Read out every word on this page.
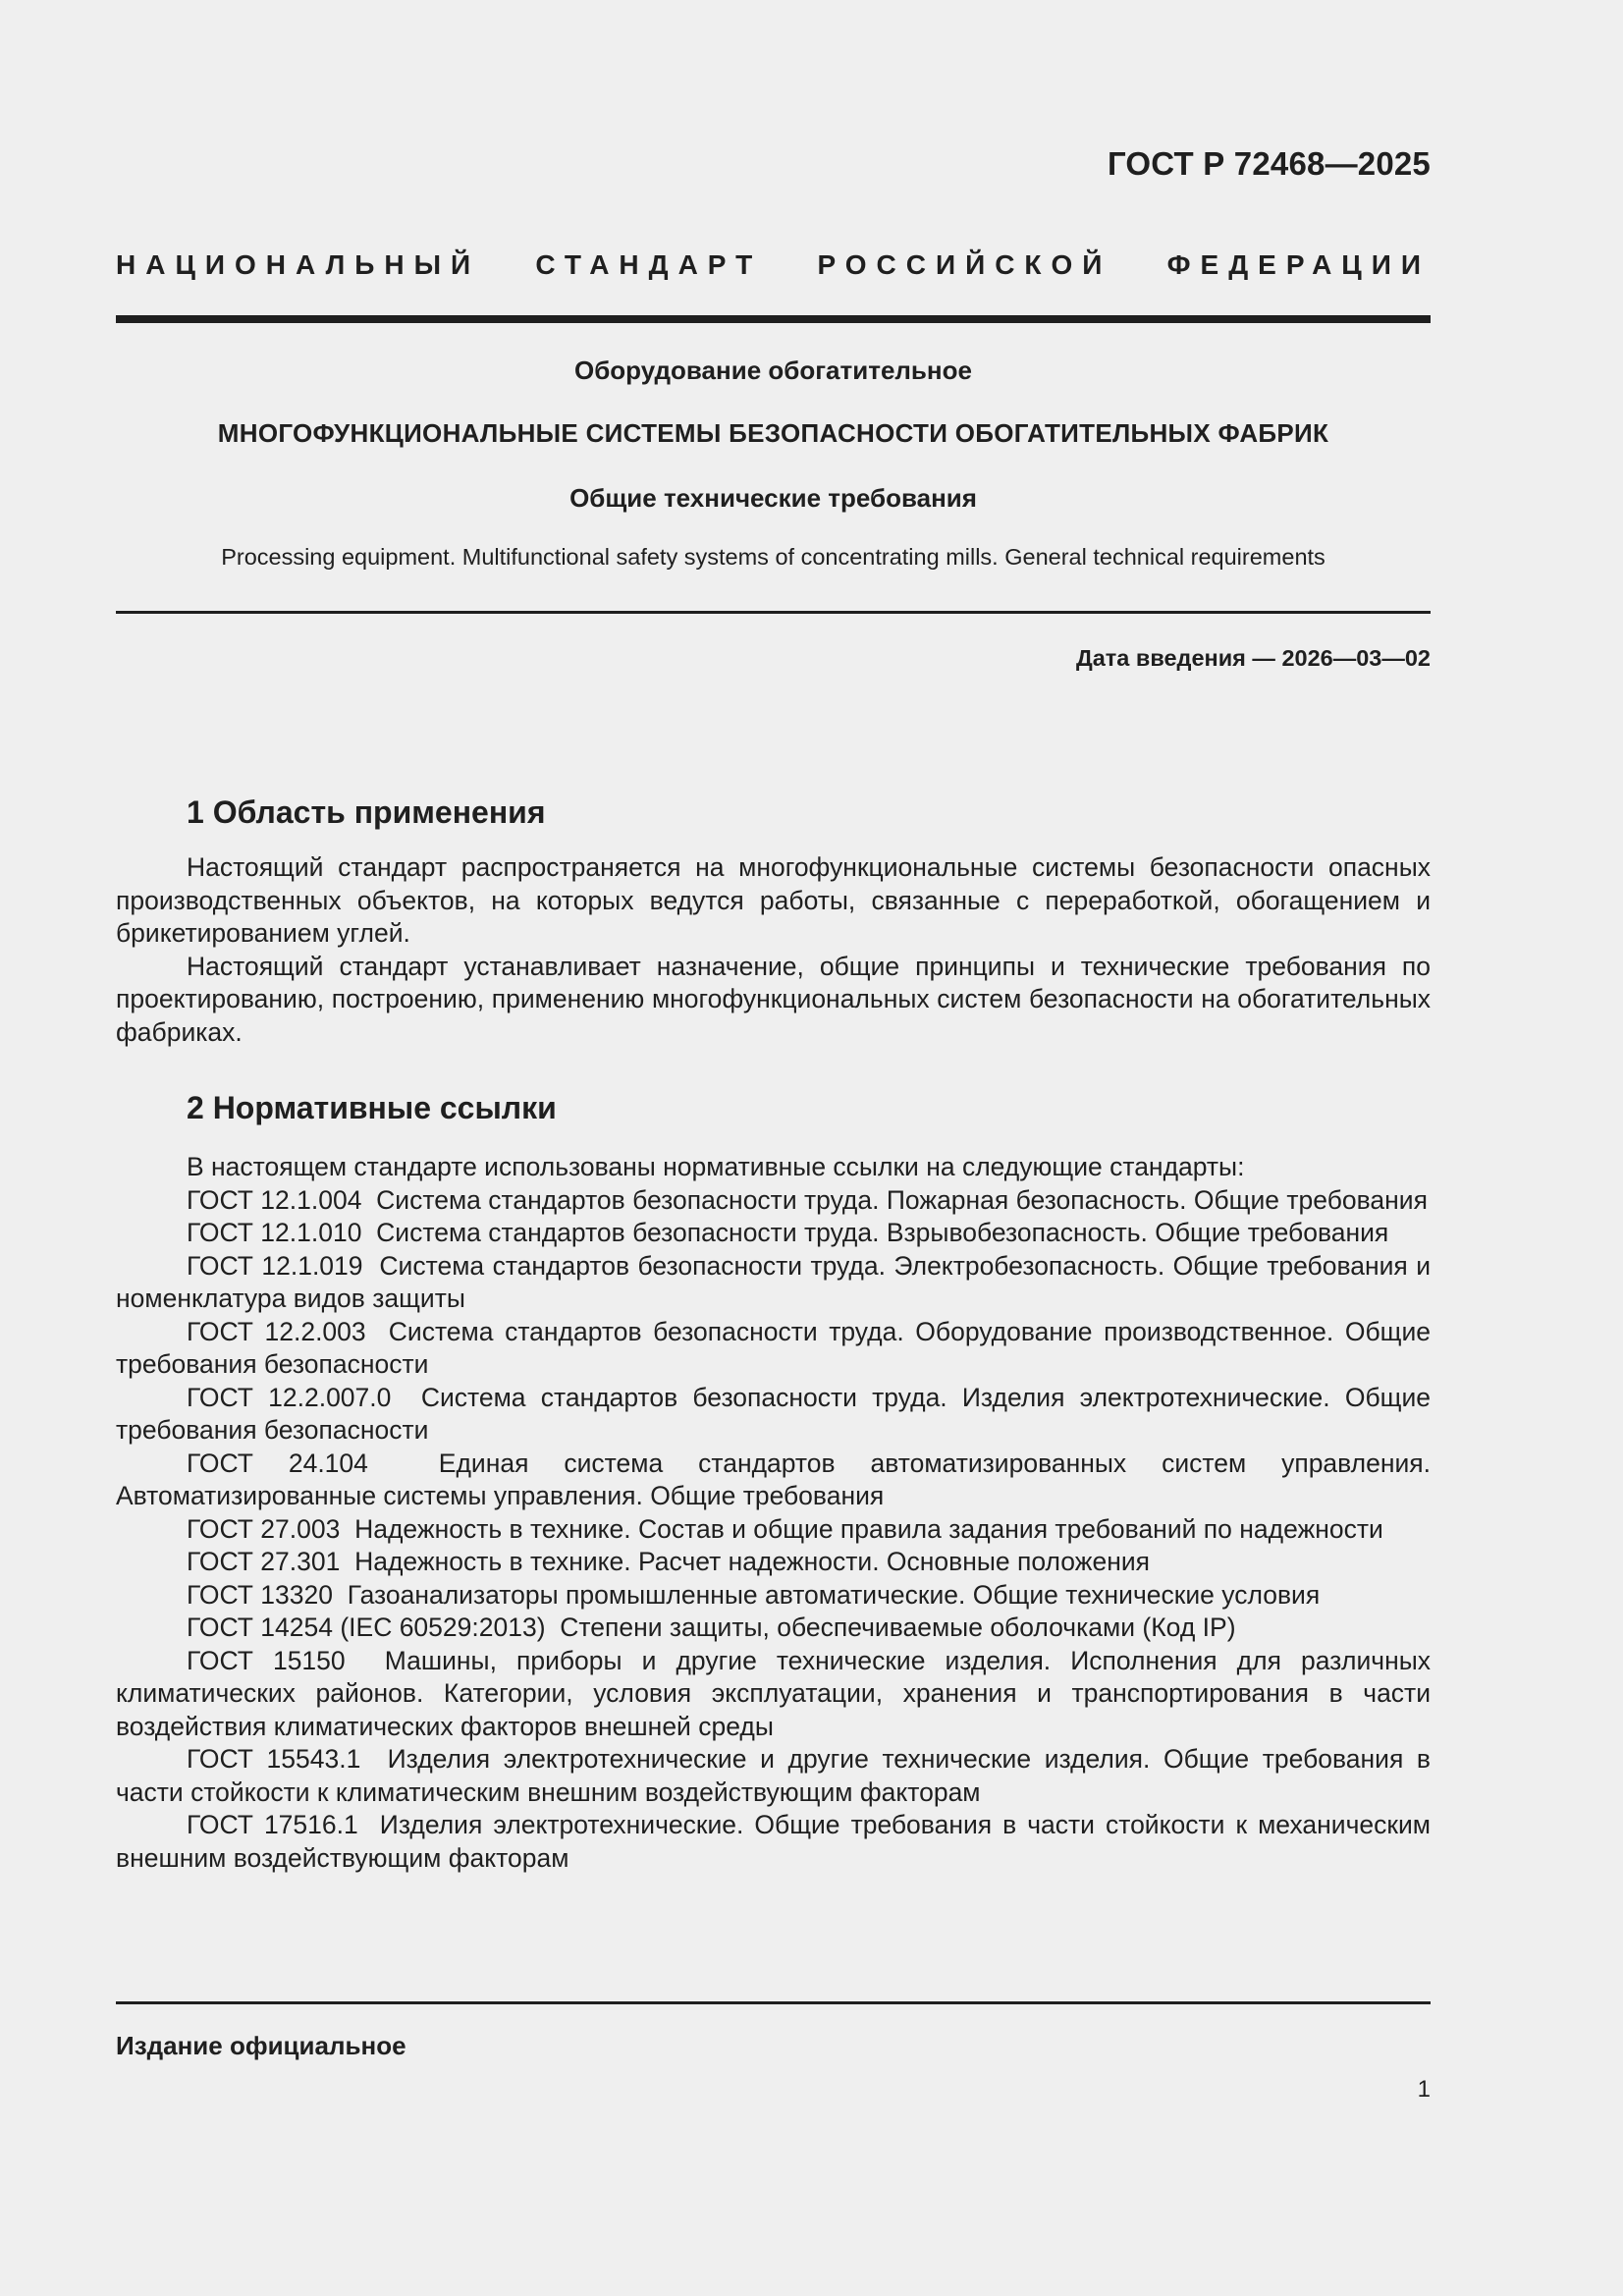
ГОСТ Р 72468—2025
НАЦИОНАЛЬНЫЙ СТАНДАРТ РОССИЙСКОЙ ФЕДЕРАЦИИ
Оборудование обогатительное
МНОГОФУНКЦИОНАЛЬНЫЕ СИСТЕМЫ БЕЗОПАСНОСТИ ОБОГАТИТЕЛЬНЫХ ФАБРИК
Общие технические требования
Processing equipment. Multifunctional safety systems of concentrating mills. General technical requirements
Дата введения — 2026—03—02
1 Область применения

Настоящий стандарт распространяется на многофункциональные системы безопасности опасных производственных объектов, на которых ведутся работы, связанные с переработкой, обогащением и брикетированием углей.

Настоящий стандарт устанавливает назначение, общие принципы и технические требования по проектированию, построению, применению многофункциональных систем безопасности на обогатительных фабриках.

2 Нормативные ссылки

В настоящем стандарте использованы нормативные ссылки на следующие стандарты:

ГОСТ 12.1.004 Система стандартов безопасности труда. Пожарная безопасность. Общие требования

ГОСТ 12.1.010 Система стандартов безопасности труда. Взрывобезопасность. Общие требования

ГОСТ 12.1.019 Система стандартов безопасности труда. Электробезопасность. Общие требования и номенклатура видов защиты

ГОСТ 12.2.003 Система стандартов безопасности труда. Оборудование производственное. Общие требования безопасности

ГОСТ 12.2.007.0 Система стандартов безопасности труда. Изделия электротехнические. Общие требования безопасности

ГОСТ 24.104	Единая система стандартов автоматизированных систем управления. Автоматизированные системы управления. Общие требования

ГОСТ 27.003 Надежность в технике. Состав и общие правила задания требований по надежности

ГОСТ 27.301 Надежность в технике. Расчет надежности. Основные положения

ГОСТ 13320 Газоанализаторы промышленные автоматические. Общие технические условия

ГОСТ 14254 (IEC 60529:2013) Степени защиты, обеспечиваемые оболочками (Код IP)

ГОСТ 15150 Машины, приборы и другие технические изделия. Исполнения для различных климатических районов. Категории, условия эксплуатации, хранения и транспортирования в части воздействия климатических факторов внешней среды

ГОСТ 15543.1 Изделия электротехнические и другие технические изделия. Общие требования в части стойкости к климатическим внешним воздействующим факторам

ГОСТ 17516.1 Изделия электротехнические. Общие требования в части стойкости к механическим внешним воздействующим факторам

Издание официальное
1
